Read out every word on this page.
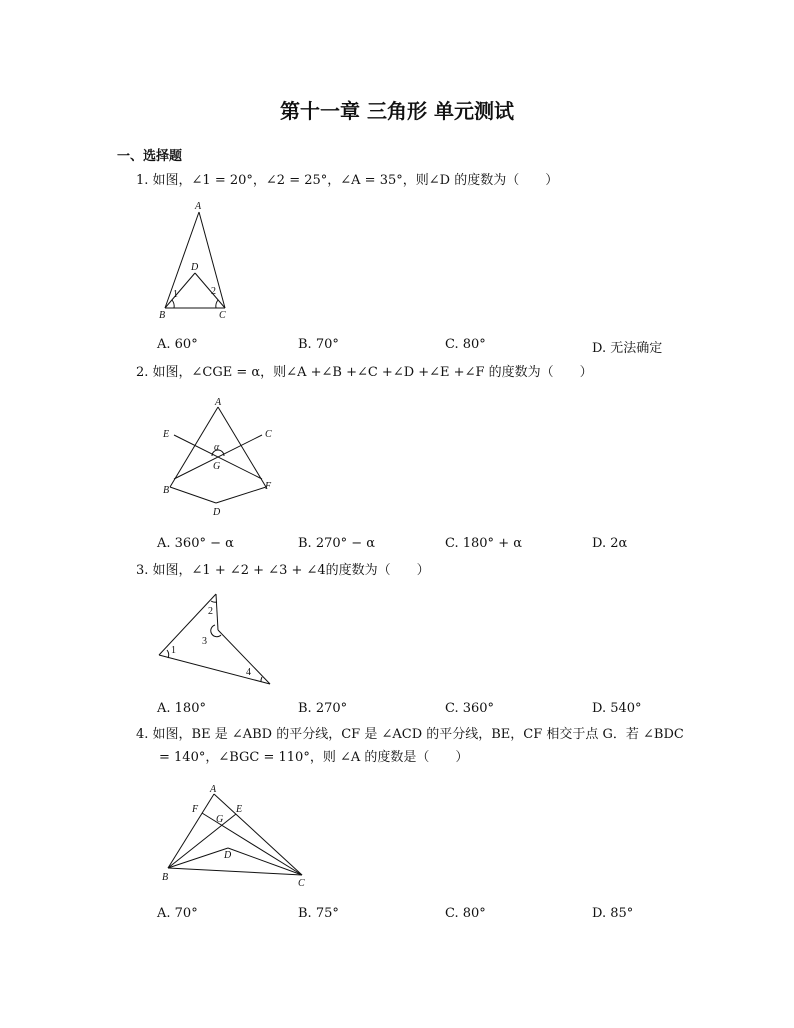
第十一章 三角形 单元测试
一、选择题
1. 如图，∠1 = 20°，∠2 = 25°，∠A = 35°，则∠D 的度数为（　　）
A
D
B	C
1	2
A. 60°	B. 70°	C. 80°	D. 无法确定
2. 如图，∠CGE = α，则∠A +∠B +∠C +∠D +∠E +∠F 的度数为（　　）
A
E	C
α
G
B	F
D
A. 360° − α	B. 270° − α	C. 180° + α	D. 2α
3. 如图，∠1 + ∠2 + ∠3 + ∠4的度数为（　　）
1
2
3
4
A. 180°	B. 270°	C. 360°	D. 540°
4. 如图，BE 是 ∠ABD 的平分线，CF 是 ∠ACD 的平分线，BE，CF 相交于点 G．若 ∠BDC
= 140°，∠BGC = 110°，则 ∠A 的度数是（　　）
A
F	E
G
D
B
C
A. 70°	B. 75°	C. 80°	D. 85°
